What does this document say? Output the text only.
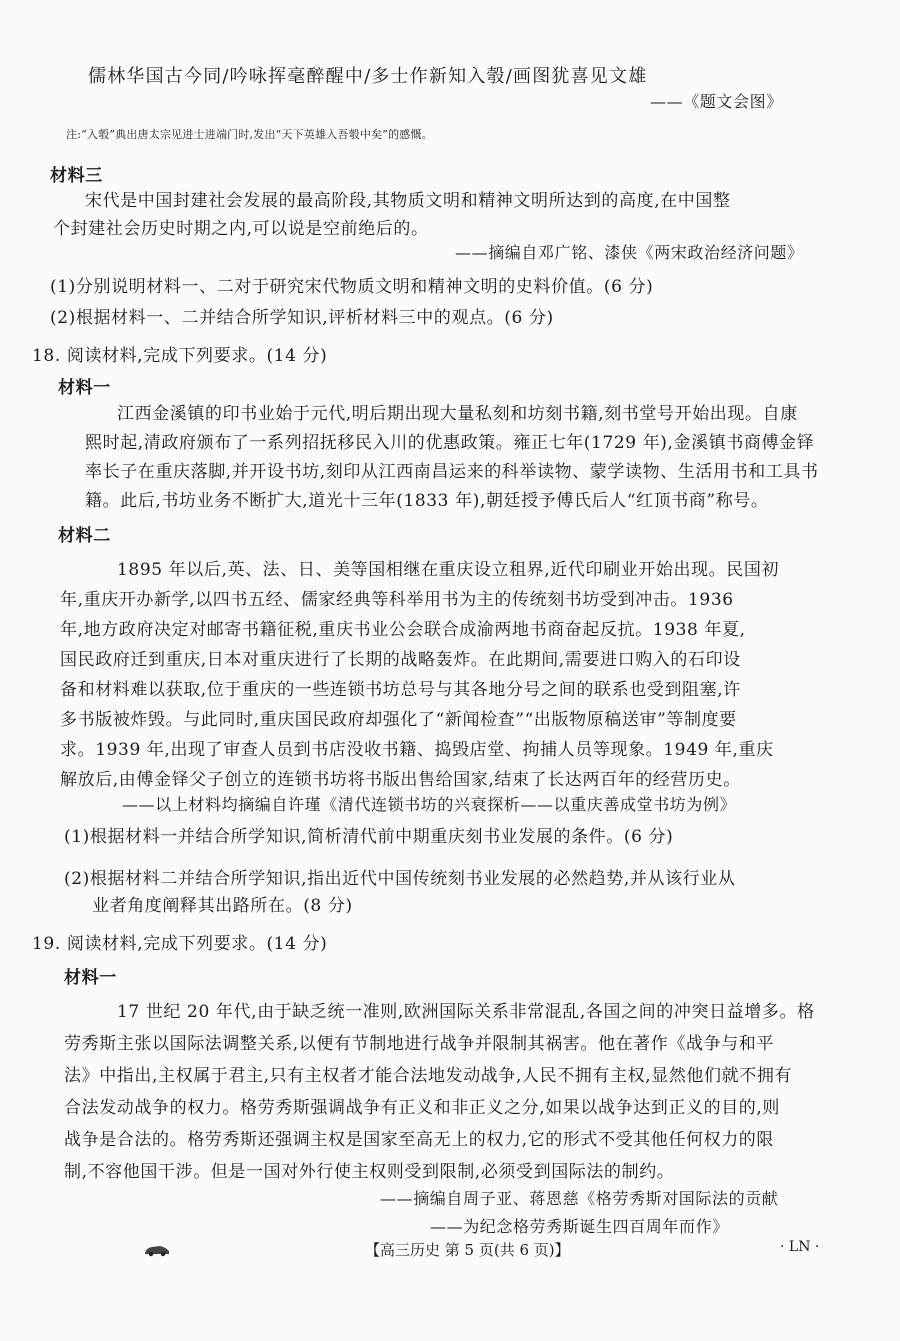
儒林华国古今同/吟咏挥毫醉醒中/多士作新知入彀/画图犹喜见文雄
——《题文会图》
注:“入彀”典出唐太宗见进士进端门时,发出“天下英雄入吾彀中矣”的感慨。
材料三
宋代是中国封建社会发展的最高阶段,其物质文明和精神文明所达到的高度,在中国整
个封建社会历史时期之内,可以说是空前绝后的。
——摘编自邓广铭、漆侠《两宋政治经济问题》
(1)分别说明材料一、二对于研究宋代物质文明和精神文明的史料价值。(6 分)
(2)根据材料一、二并结合所学知识,评析材料三中的观点。(6 分)
18. 阅读材料,完成下列要求。(14 分)
材料一
江西金溪镇的印书业始于元代,明后期出现大量私刻和坊刻书籍,刻书堂号开始出现。自康
熙时起,清政府颁布了一系列招抚移民入川的优惠政策。雍正七年(1729 年),金溪镇书商傅金铎
率长子在重庆落脚,并开设书坊,刻印从江西南昌运来的科举读物、蒙学读物、生活用书和工具书
籍。此后,书坊业务不断扩大,道光十三年(1833 年),朝廷授予傅氏后人“红顶书商”称号。
材料二
1895 年以后,英、法、日、美等国相继在重庆设立租界,近代印刷业开始出现。民国初
年,重庆开办新学,以四书五经、儒家经典等科举用书为主的传统刻书坊受到冲击。1936
年,地方政府决定对邮寄书籍征税,重庆书业公会联合成渝两地书商奋起反抗。1938 年夏,
国民政府迁到重庆,日本对重庆进行了长期的战略轰炸。在此期间,需要进口购入的石印设
备和材料难以获取,位于重庆的一些连锁书坊总号与其各地分号之间的联系也受到阻塞,许
多书版被炸毁。与此同时,重庆国民政府却强化了“新闻检查”“出版物原稿送审”等制度要
求。1939 年,出现了审查人员到书店没收书籍、捣毁店堂、拘捕人员等现象。1949 年,重庆
解放后,由傅金铎父子创立的连锁书坊将书版出售给国家,结束了长达两百年的经营历史。
——以上材料均摘编自许瑾《清代连锁书坊的兴衰探析——以重庆善成堂书坊为例》
(1)根据材料一并结合所学知识,简析清代前中期重庆刻书业发展的条件。(6 分)
(2)根据材料二并结合所学知识,指出近代中国传统刻书业发展的必然趋势,并从该行业从
业者角度阐释其出路所在。(8 分)
19. 阅读材料,完成下列要求。(14 分)
材料一
17 世纪 20 年代,由于缺乏统一准则,欧洲国际关系非常混乱,各国之间的冲突日益增多。格
劳秀斯主张以国际法调整关系,以便有节制地进行战争并限制其祸害。他在著作《战争与和平
法》中指出,主权属于君主,只有主权者才能合法地发动战争,人民不拥有主权,显然他们就不拥有
合法发动战争的权力。格劳秀斯强调战争有正义和非正义之分,如果以战争达到正义的目的,则
战争是合法的。格劳秀斯还强调主权是国家至高无上的权力,它的形式不受其他任何权力的限
制,不容他国干涉。但是一国对外行使主权则受到限制,必须受到国际法的制约。
——摘编自周子亚、蒋恩慈《格劳秀斯对国际法的贡献
——为纪念格劳秀斯诞生四百周年而作》
【高三历史 第 5 页(共 6 页)】	· LN ·
